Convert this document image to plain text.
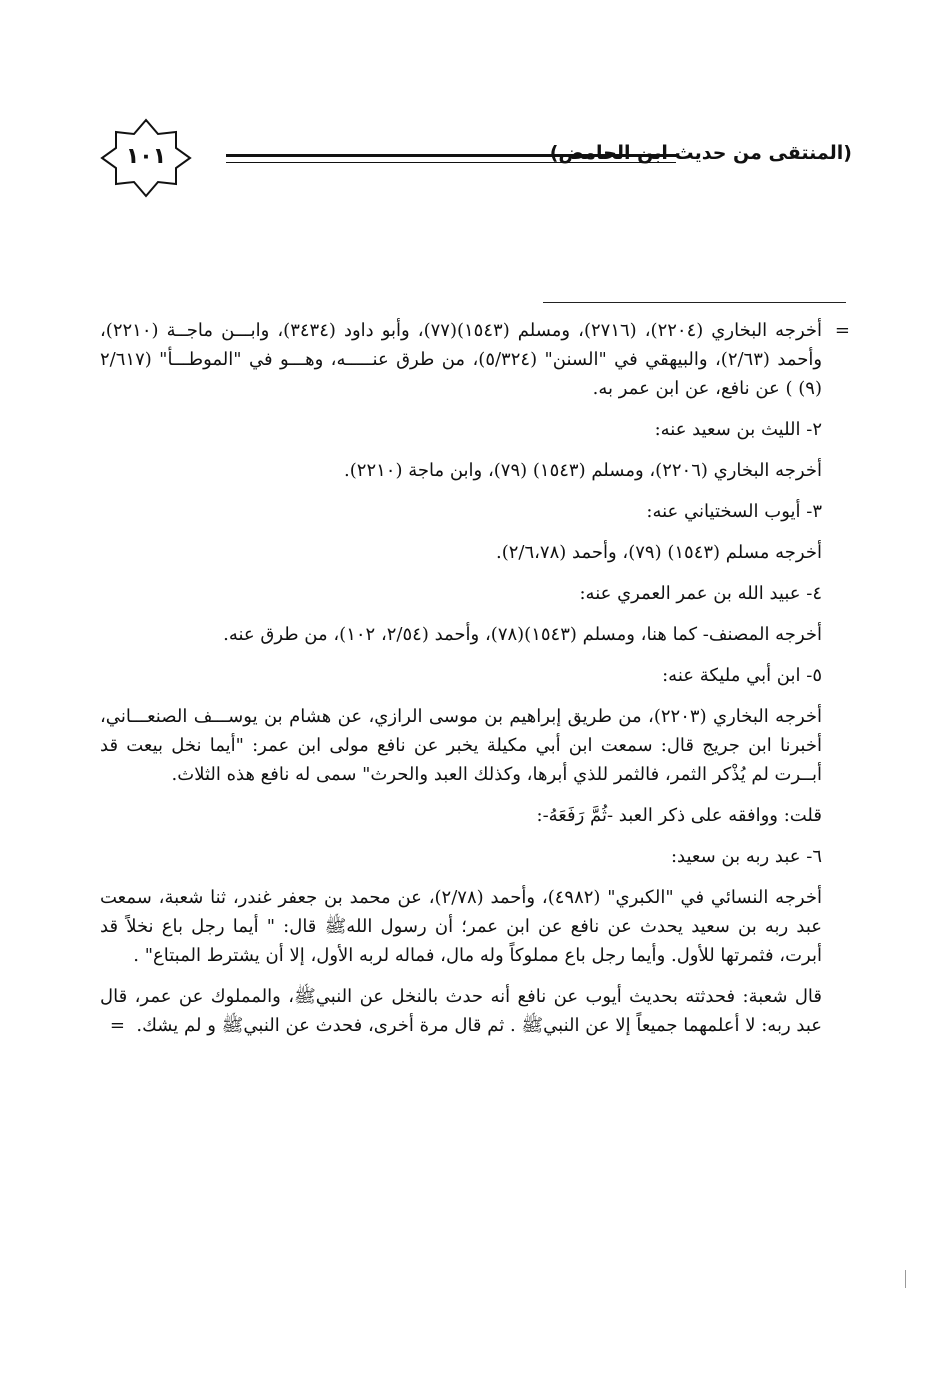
١٠١	(المنتقى من حديث ابن الحامض)
=

أخرجه البخاري (٢٢٠٤)، (٢٧١٦)، ومسلم (١٥٤٣)(٧٧)، وأبو داود (٣٤٣٤)، وابـــن ماجــة (٢٢١٠)، وأحمد (٢/٦٣)، والبيهقي في "السنن" (٥/٣٢٤)، من طرق عنـــــه، وهـــو في "الموطـــأ" (٢/٦١٧ (٩) ) عن نافع، عن ابن عمر به.

٢- الليث بن سعيد عنه:

أخرجه البخاري (٢٢٠٦)، ومسلم (١٥٤٣) (٧٩)، وابن ماجة (٢٢١٠).

٣- أيوب السختياني عنه:

أخرجه مسلم (١٥٤٣) (٧٩)، وأحمد (٢/٦،٧٨).

٤- عبيد الله بن عمر العمري عنه:

أخرجه المصنف- كما هنا، ومسلم (١٥٤٣)(٧٨)، وأحمد (٢/٥٤، ١٠٢)، من طرق عنه.

٥- ابن أبي مليكة عنه:

أخرجه البخاري (٢٢٠٣)، من طريق إبراهيم بن موسى الرازي، عن هشام بن يوســـف الصنعـــاني، أخبرنا ابن جريج قال: سمعت ابن أبي مكيلة يخبر عن نافع مولى ابن عمر: "أيما نخل بيعت قد أبــرت لم يُذْكر الثمر، فالثمر للذي أبرها، وكذلك العبد والحرث" سمى له نافع هذه الثلاث.

قلت: ووافقه على ذكر العبد -ثُمَّ رَفَعَهُ-:

٦- عبد ربه بن سعيد:

أخرجه النسائي في "الكبري" (٤٩٨٢)، وأحمد (٢/٧٨)، عن محمد بن جعفر غندر، ثنا شعبة، سمعت عبد ربه بن سعيد يحدث عن نافع عن ابن عمر؛ أن رسول اللهﷺ قال: " أيما رجل باع نخلاً قد أبرت، فثمرتها للأول. وأيما رجل باع مملوكاً وله مال، فماله لربه الأول، إلا أن يشترط المبتاع" .

قال شعبة: فحدثته بحديث أيوب عن نافع أنه حدث بالنخل عن النبيﷺ، والمملوك عن عمر، قال عبد ربه: لا أعلمهما جميعاً إلا عن النبيﷺ . ثم قال مرة أخرى، فحدث عن النبيﷺ و لم يشك.  =
